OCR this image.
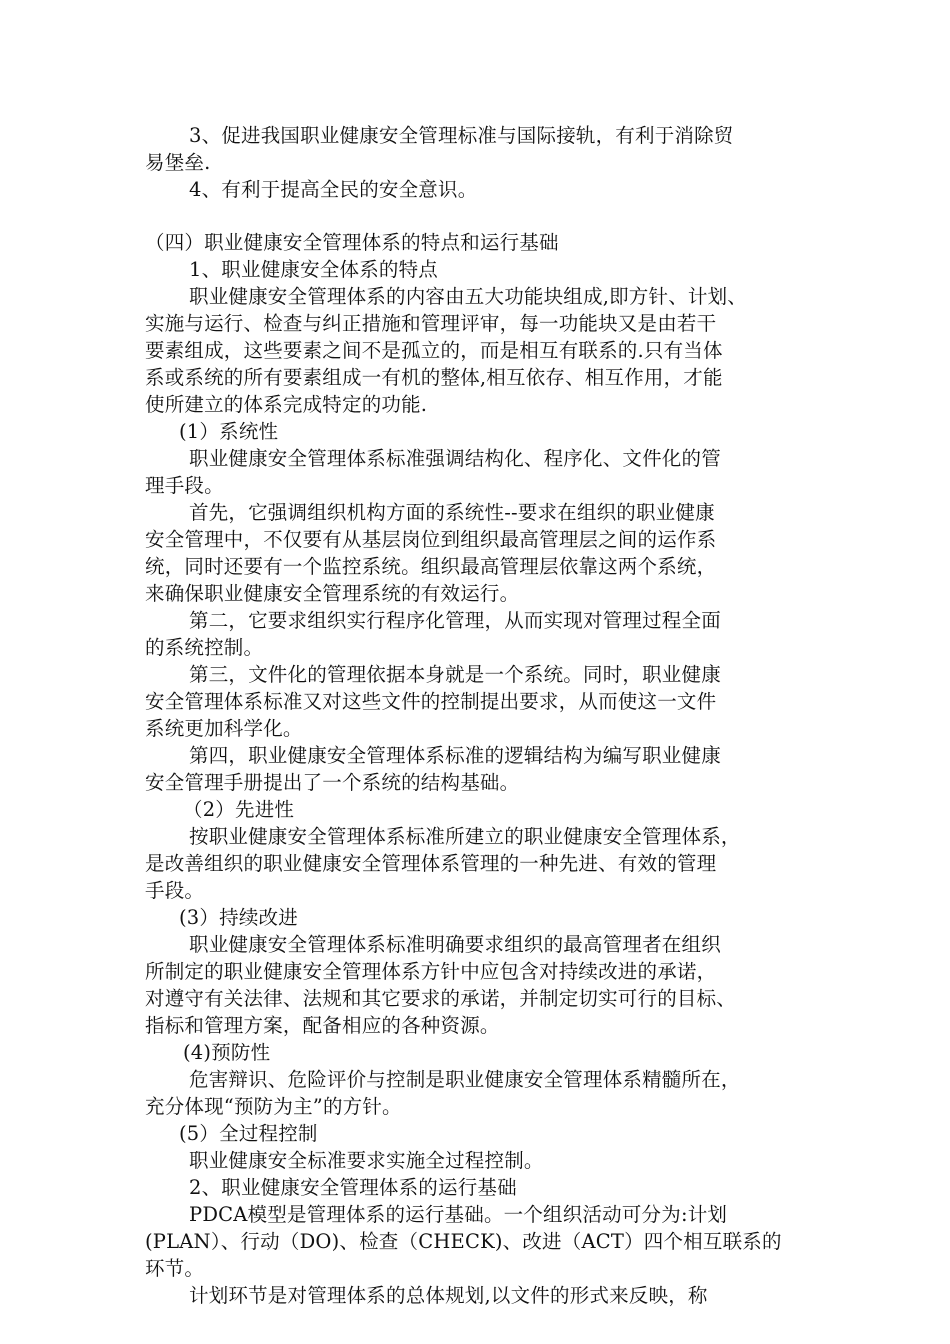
3、促进我国职业健康安全管理标准与国际接轨，有利于消除贸
易堡垒.
4、有利于提高全民的安全意识。
（四）职业健康安全管理体系的特点和运行基础
1、职业健康安全体系的特点
职业健康安全管理体系的内容由五大功能块组成,即方针、计划、
实施与运行、检查与纠正措施和管理评审，每一功能块又是由若干
要素组成，这些要素之间不是孤立的，而是相互有联系的.只有当体
系或系统的所有要素组成一有机的整体,相互依存、相互作用，才能
使所建立的体系完成特定的功能.
(1）系统性
职业健康安全管理体系标准强调结构化、程序化、文件化的管
理手段。
首先，它强调组织机构方面的系统性--要求在组织的职业健康
安全管理中，不仅要有从基层岗位到组织最高管理层之间的运作系
统，同时还要有一个监控系统。组织最高管理层依靠这两个系统，
来确保职业健康安全管理系统的有效运行。
第二，它要求组织实行程序化管理，从而实现对管理过程全面
的系统控制。
第三，文件化的管理依据本身就是一个系统。同时，职业健康
安全管理体系标准又对这些文件的控制提出要求，从而使这一文件
系统更加科学化。
第四，职业健康安全管理体系标准的逻辑结构为编写职业健康
安全管理手册提出了一个系统的结构基础。
（2）先进性
按职业健康安全管理体系标准所建立的职业健康安全管理体系，
是改善组织的职业健康安全管理体系管理的一种先进、有效的管理
手段。
(3）持续改进
职业健康安全管理体系标准明确要求组织的最高管理者在组织
所制定的职业健康安全管理体系方针中应包含对持续改进的承诺，
对遵守有关法律、法规和其它要求的承诺，并制定切实可行的目标、
指标和管理方案，配备相应的各种资源。
(4)预防性
危害辩识、危险评价与控制是职业健康安全管理体系精髓所在，
充分体现“预防为主”的方针。
(5）全过程控制
职业健康安全标准要求实施全过程控制。
2、职业健康安全管理体系的运行基础
PDCA模型是管理体系的运行基础。一个组织活动可分为:计划
(PLAN）、行动（DO)、检查（CHECK)、改进（ACT）四个相互联系的
环节。
计划环节是对管理体系的总体规划,以文件的形式来反映，称
